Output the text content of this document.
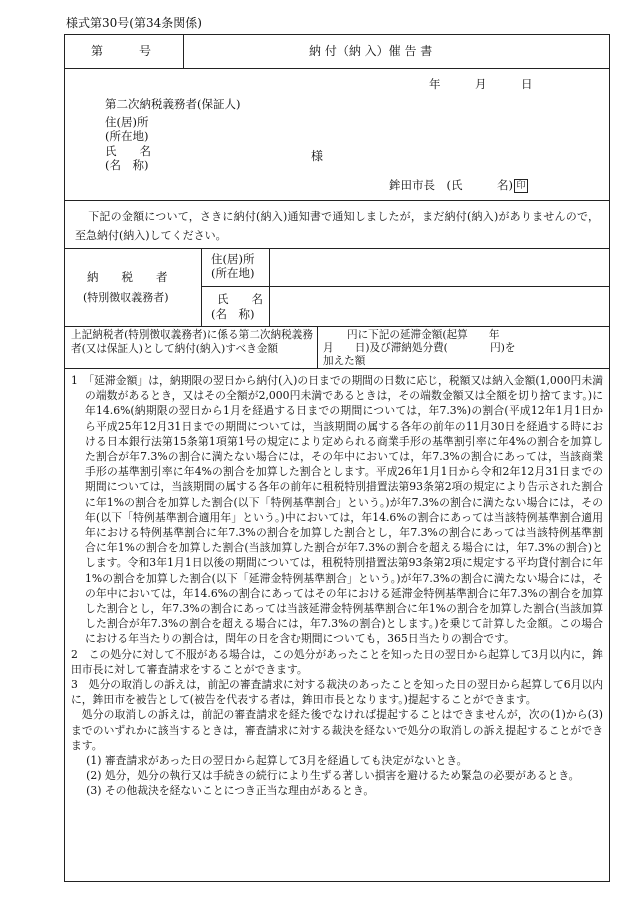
様式第30号(第34条関係)
第　　　号	納 付（納 入）催 告 書
年　　　月　　　日
第二次納税義務者(保証人)
住(居)所
(所在地)
氏　　名
(名　称)
様
鉾田市長　(氏　　　名) 印
下記の金額について，さきに納付(納入)通知書で通知しましたが，まだ納付(納入)がありませんので，至急納付(納入)してください。
納　　税　　者
(特別徴収義務者)
住(居)所
(所在地)
氏　　名
(名　称)
上記納税者(特別徴収義務者)に係る第二次納税義務者(又は保証人)として納付(納入)すべき金額
円に下記の延滞金額(起算　　年
月　　日)及び滞納処分費(　　　　円)を
加えた額

1　「延滞金額」は，納期限の翌日から納付(入)の日までの期間の日数に応じ，税額又は納入金額(1,000円未満の端数があるとき，又はその全額が2,000円未満であるときは，その端数金額又は全額を切り捨てます。)に年14.6%(納期限の翌日から1月を経過する日までの期間については，年7.3%)の割合(平成12年1月1日から平成25年12月31日までの期間については，当該期間の属する各年の前年の11月30日を経過する時における日本銀行法第15条第1項第1号の規定により定められる商業手形の基準割引率に年4%の割合を加算した割合が年7.3%の割合に満たない場合には，その年中においては，年7.3%の割合にあっては，当該商業手形の基準割引率に年4%の割合を加算した割合とします。平成26年1月1日から令和2年12月31日までの期間については，当該期間の属する各年の前年に租税特別措置法第93条第2項の規定により告示された割合に年1%の割合を加算した割合(以下「特例基準割合」という。)が年7.3%の割合に満たない場合には，その年(以下「特例基準割合適用年」という。)中においては，年14.6%の割合にあっては当該特例基準割合適用年における特例基準割合に年7.3%の割合を加算した割合とし，年7.3%の割合にあっては当該特例基準割合に年1%の割合を加算した割合(当該加算した割合が年7.3%の割合を超える場合には，年7.3%の割合)とします。令和3年1月1日以後の期間については，租税特別措置法第93条第2項に規定する平均貸付割合に年1%の割合を加算した割合(以下「延滞金特例基準割合」という。)が年7.3%の割合に満たない場合には，その年中においては，年14.6%の割合にあってはその年における延滞金特例基準割合に年7.3%の割合を加算した割合とし，年7.3%の割合にあっては当該延滞金特例基準割合に年1%の割合を加算した割合(当該加算した割合が年7.3%の割合を超える場合には，年7.3%の割合)とします。)を乗じて計算した金額。この場合における年当たりの割合は，閏年の日を含む期間についても，365日当たりの割合です。

2　この処分に対して不服がある場合は，この処分があったことを知った日の翌日から起算して3月以内に，鉾田市長に対して審査請求をすることができます。

3　処分の取消しの訴えは，前記の審査請求に対する裁決のあったことを知った日の翌日から起算して6月以内に，鉾田市を被告として(被告を代表する者は，鉾田市長となります。)提起することができます。

処分の取消しの訴えは，前記の審査請求を経た後でなければ提起することはできませんが，次の(1)から(3)までのいずれかに該当するときは，審査請求に対する裁決を経ないで処分の取消しの訴え提起することができます。

(1) 審査請求があった日の翌日から起算して3月を経過しても決定がないとき。

(2) 処分，処分の執行又は手続きの続行により生ずる著しい損害を避けるため緊急の必要があるとき。

(3) その他裁決を経ないことにつき正当な理由があるとき。
